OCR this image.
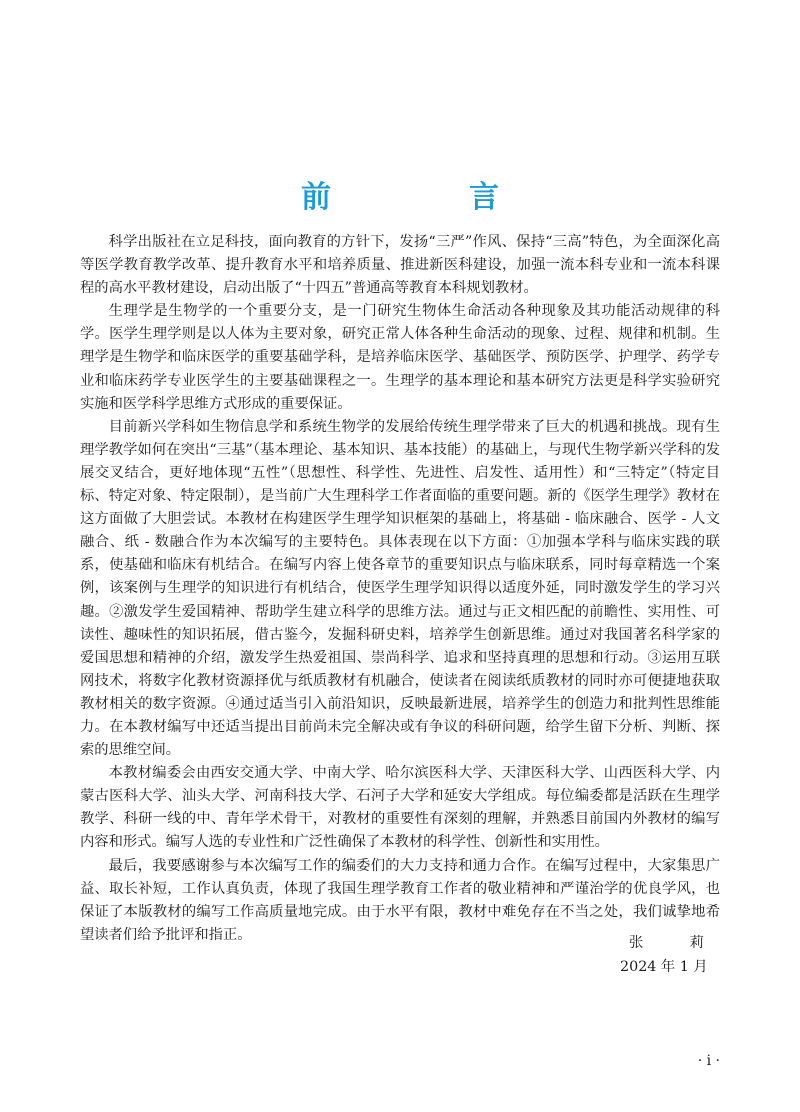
前　言

科学出版社在立足科技，面向教育的方针下，发扬“三严”作风、保持“三高”特色，为全面深化高等医学教育教学改革、提升教育水平和培养质量、推进新医科建设，加强一流本科专业和一流本科课程的高水平教材建设，启动出版了“十四五”普通高等教育本科规划教材。

生理学是生物学的一个重要分支，是一门研究生物体生命活动各种现象及其功能活动规律的科学。医学生理学则是以人体为主要对象，研究正常人体各种生命活动的现象、过程、规律和机制。生理学是生物学和临床医学的重要基础学科，是培养临床医学、基础医学、预防医学、护理学、药学专业和临床药学专业医学生的主要基础课程之一。生理学的基本理论和基本研究方法更是科学实验研究实施和医学科学思维方式形成的重要保证。

目前新兴学科如生物信息学和系统生物学的发展给传统生理学带来了巨大的机遇和挑战。现有生理学教学如何在突出“三基”（基本理论、基本知识、基本技能）的基础上，与现代生物学新兴学科的发展交叉结合，更好地体现“五性”（思想性、科学性、先进性、启发性、适用性）和“三特定”（特定目标、特定对象、特定限制），是当前广大生理科学工作者面临的重要问题。新的《医学生理学》教材在这方面做了大胆尝试。本教材在构建医学生理学知识框架的基础上，将基础 - 临床融合、医学 - 人文融合、纸 - 数融合作为本次编写的主要特色。具体表现在以下方面：①加强本学科与临床实践的联系，使基础和临床有机结合。在编写内容上使各章节的重要知识点与临床联系，同时每章精选一个案例，该案例与生理学的知识进行有机结合，使医学生理学知识得以适度外延，同时激发学生的学习兴趣。②激发学生爱国精神、帮助学生建立科学的思维方法。通过与正文相匹配的前瞻性、实用性、可读性、趣味性的知识拓展，借古鉴今，发掘科研史料，培养学生创新思维。通过对我国著名科学家的爱国思想和精神的介绍，激发学生热爱祖国、崇尚科学、追求和坚持真理的思想和行动。③运用互联网技术，将数字化教材资源择优与纸质教材有机融合，使读者在阅读纸质教材的同时亦可便捷地获取教材相关的数字资源。④通过适当引入前沿知识，反映最新进展，培养学生的创造力和批判性思维能力。在本教材编写中还适当提出目前尚未完全解决或有争议的科研问题，给学生留下分析、判断、探索的思维空间。

本教材编委会由西安交通大学、中南大学、哈尔滨医科大学、天津医科大学、山西医科大学、内蒙古医科大学、汕头大学、河南科技大学、石河子大学和延安大学组成。每位编委都是活跃在生理学教学、科研一线的中、青年学术骨干，对教材的重要性有深刻的理解，并熟悉目前国内外教材的编写内容和形式。编写人选的专业性和广泛性确保了本教材的科学性、创新性和实用性。

最后，我要感谢参与本次编写工作的编委们的大力支持和通力合作。在编写过程中，大家集思广益、取长补短，工作认真负责，体现了我国生理学教育工作者的敬业精神和严谨治学的优良学风，也保证了本版教材的编写工作高质量地完成。由于水平有限，教材中难免存在不当之处，我们诚挚地希望读者们给予批评和指正。

张　莉
2024 年 1 月
· i ·
